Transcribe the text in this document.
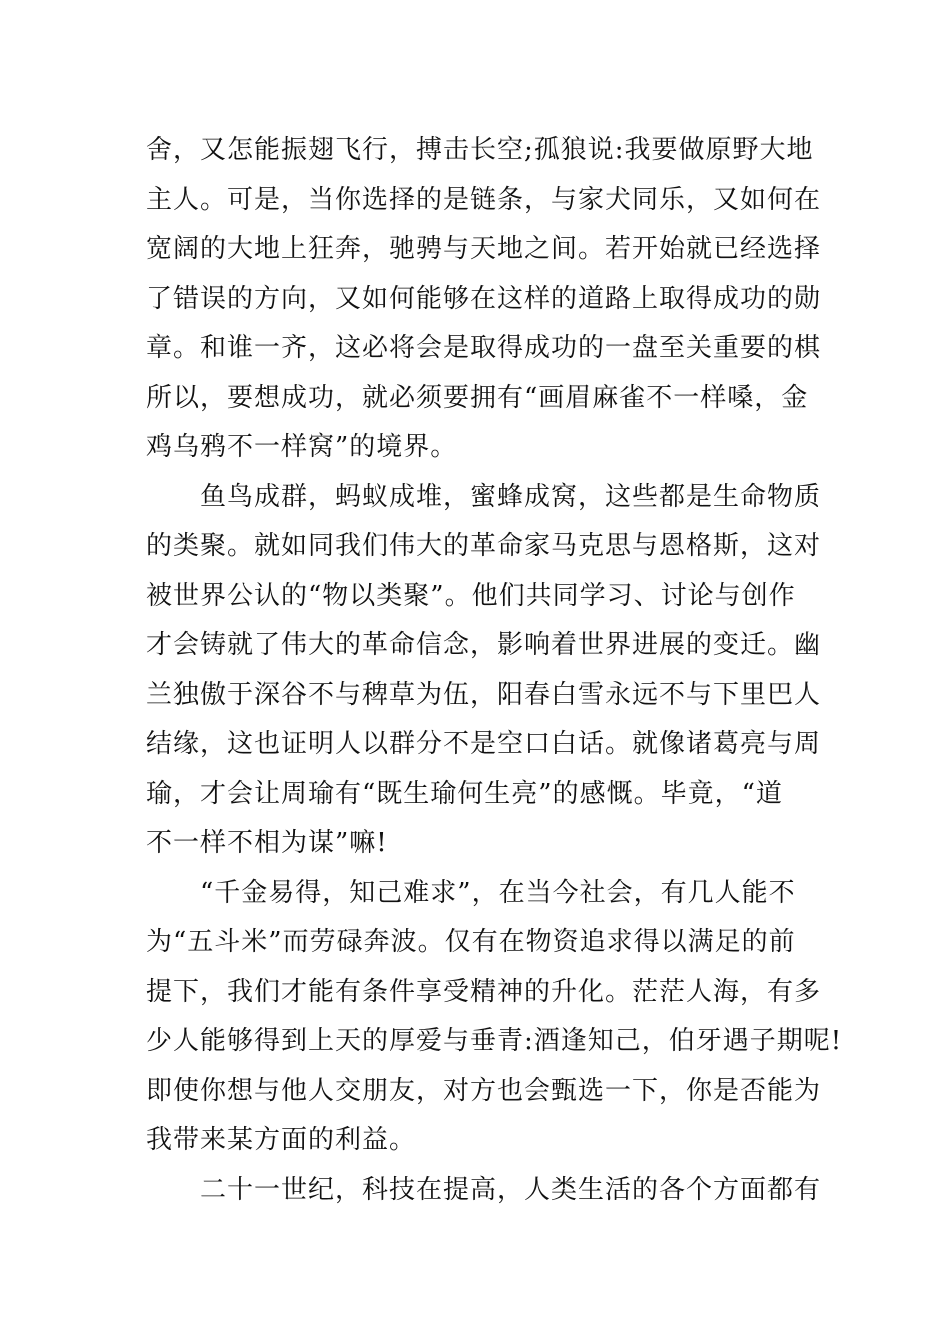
舍，又怎能振翅飞行，搏击长空;孤狼说:我要做原野大地
主人。可是，当你选择的是链条，与家犬同乐，又如何在
宽阔的大地上狂奔，驰骋与天地之间。若开始就已经选择
了错误的方向，又如何能够在这样的道路上取得成功的勋
章。和谁一齐，这必将会是取得成功的一盘至关重要的棋
所以，要想成功，就必须要拥有“画眉麻雀不一样嗓，金
鸡乌鸦不一样窝”的境界。
鱼鸟成群，蚂蚁成堆，蜜蜂成窝，这些都是生命物质
的类聚。就如同我们伟大的革命家马克思与恩格斯，这对
被世界公认的“物以类聚”。他们共同学习、讨论与创作
才会铸就了伟大的革命信念，影响着世界进展的变迁。幽
兰独傲于深谷不与稗草为伍，阳春白雪永远不与下里巴人
结缘，这也证明人以群分不是空口白话。就像诸葛亮与周
瑜，才会让周瑜有“既生瑜何生亮”的感慨。毕竟，“道
不一样不相为谋”嘛!
“千金易得，知己难求”，在当今社会，有几人能不
为“五斗米”而劳碌奔波。仅有在物资追求得以满足的前
提下，我们才能有条件享受精神的升化。茫茫人海，有多
少人能够得到上天的厚爱与垂青:酒逢知己，伯牙遇子期呢!
即使你想与他人交朋友，对方也会甄选一下，你是否能为
我带来某方面的利益。
二十一世纪，科技在提高，人类生活的各个方面都有
